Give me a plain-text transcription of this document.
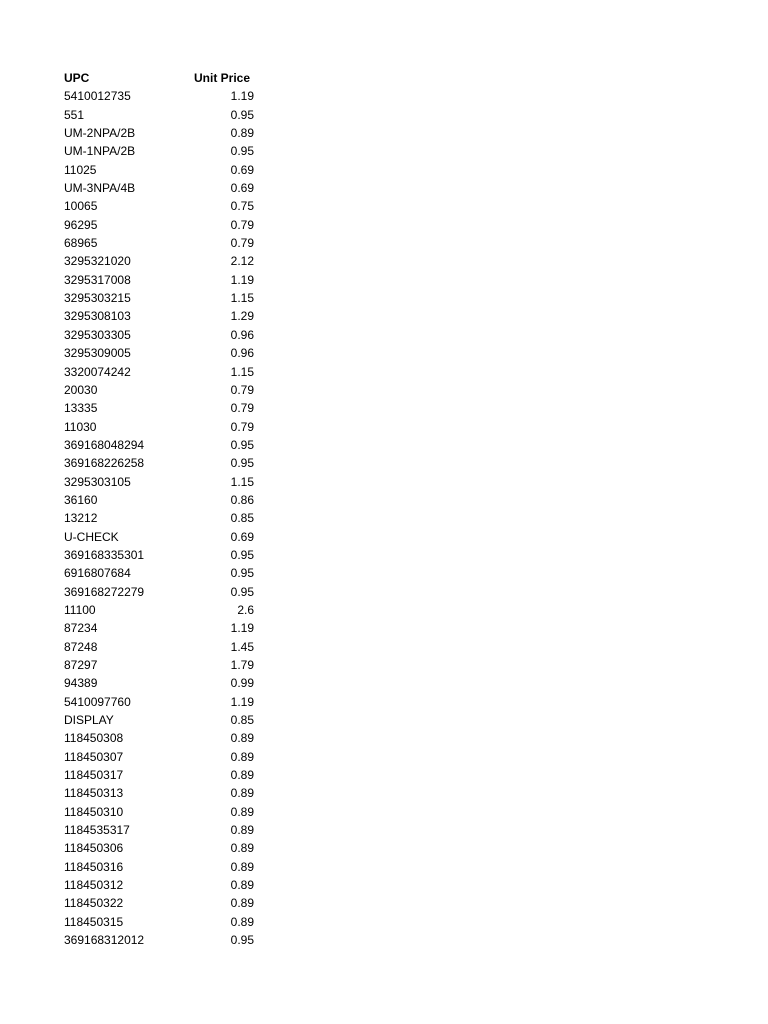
UPC	Unit Price
5410012735	1.19
551	0.95
UM-2NPA/2B	0.89
UM-1NPA/2B	0.95
11025	0.69
UM-3NPA/4B	0.69
10065	0.75
96295	0.79
68965	0.79
3295321020	2.12
3295317008	1.19
3295303215	1.15
3295308103	1.29
3295303305	0.96
3295309005	0.96
3320074242	1.15
20030	0.79
13335	0.79
11030	0.79
369168048294	0.95
369168226258	0.95
3295303105	1.15
36160	0.86
13212	0.85
U-CHECK	0.69
369168335301	0.95
6916807684	0.95
369168272279	0.95
11100	2.6
87234	1.19
87248	1.45
87297	1.79
94389	0.99
5410097760	1.19
DISPLAY	0.85
118450308	0.89
118450307	0.89
118450317	0.89
118450313	0.89
118450310	0.89
1184535317	0.89
118450306	0.89
118450316	0.89
118450312	0.89
118450322	0.89
118450315	0.89
369168312012	0.95
